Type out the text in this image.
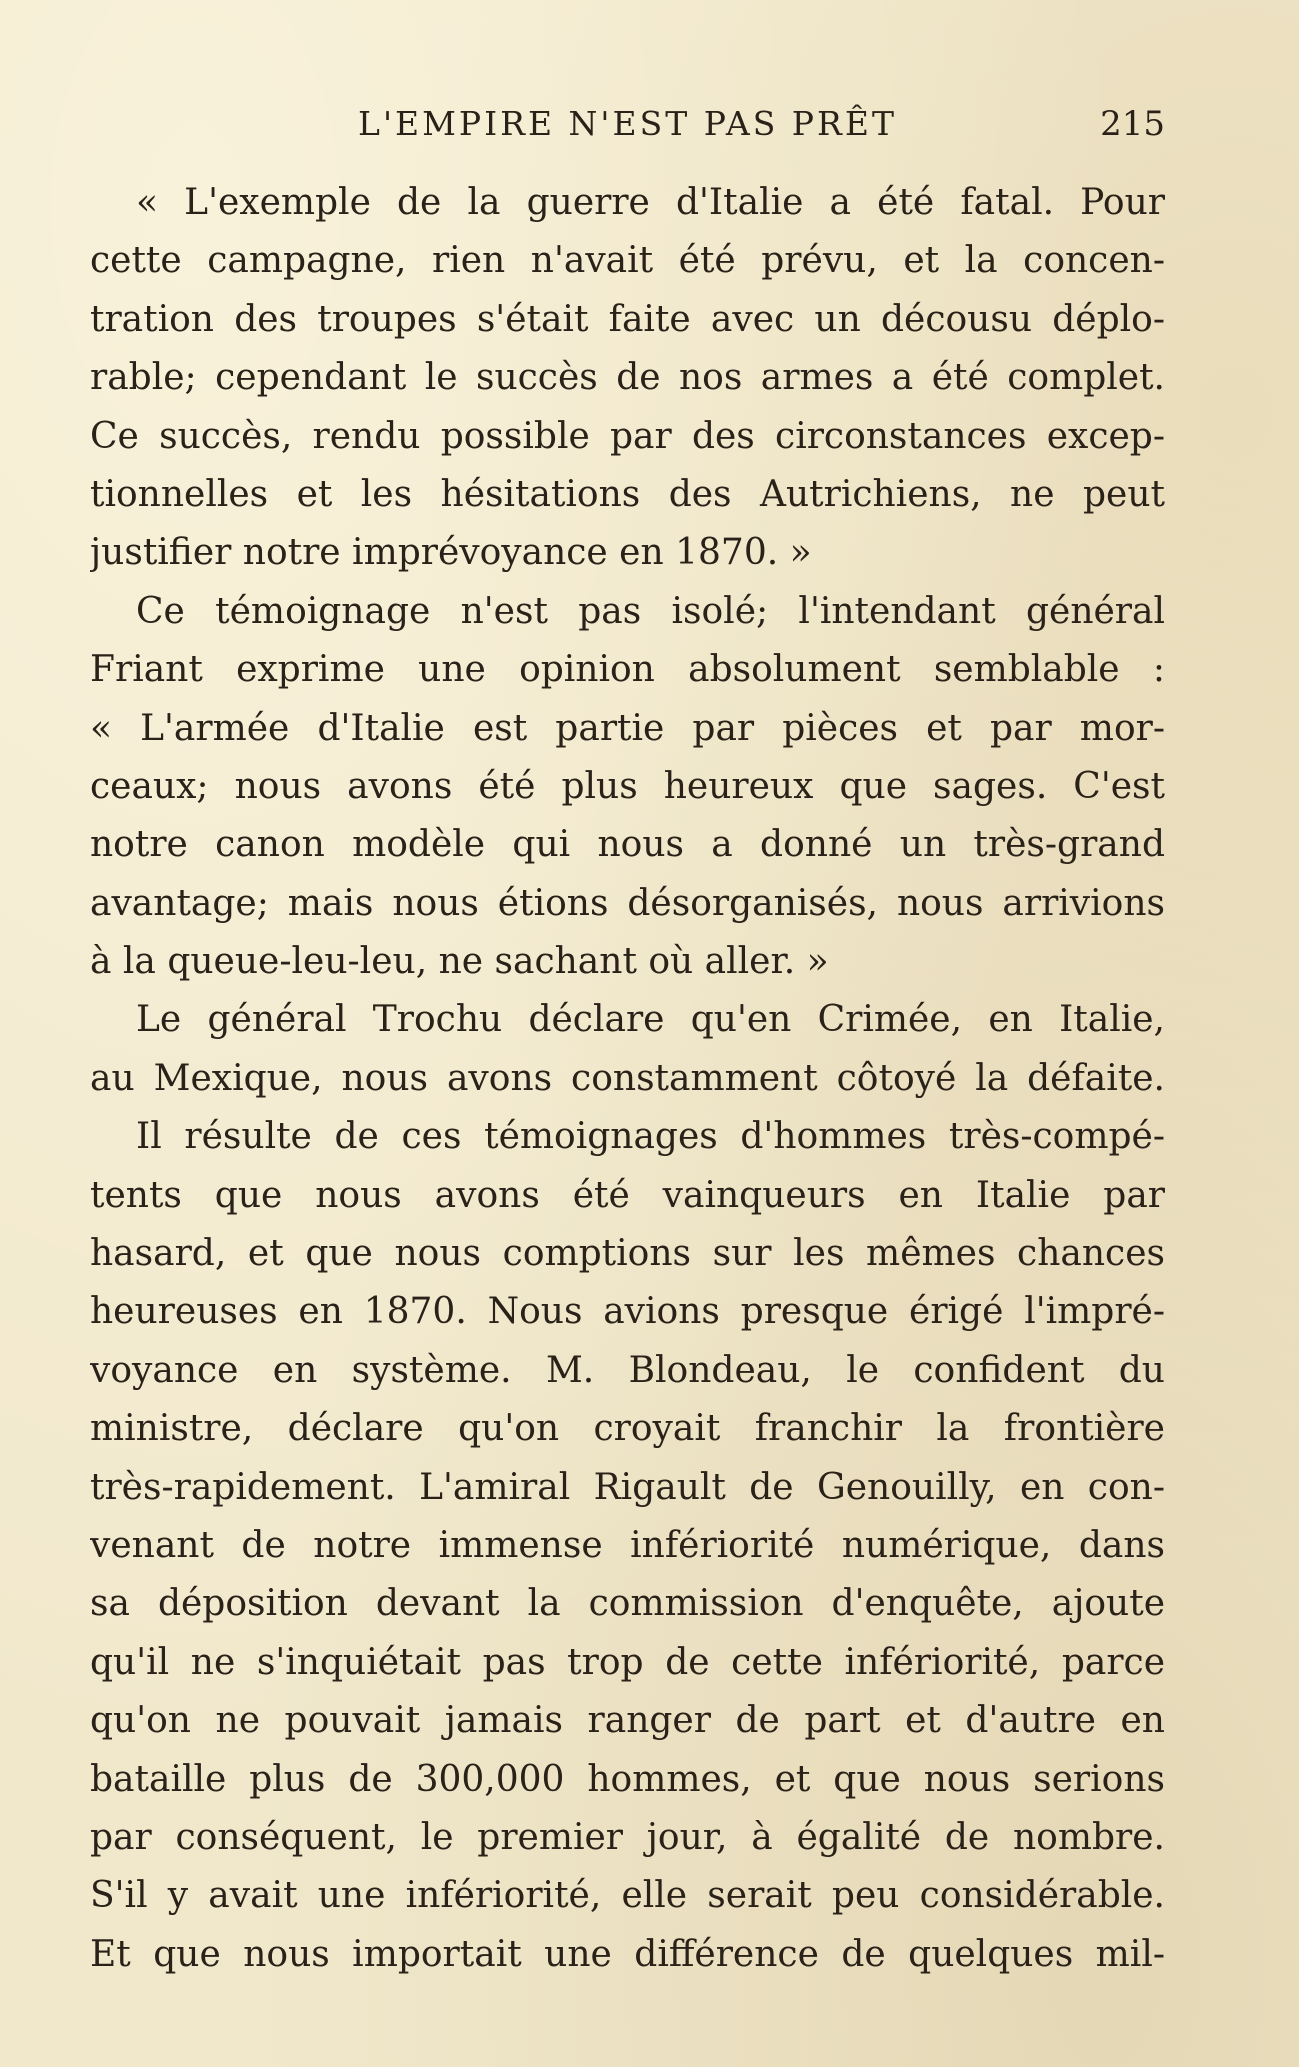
L'EMPIRE N'EST PAS PRÊT	215
« L'exemple de la guerre d'Italie a été fatal. Pour
cette campagne, rien n'avait été prévu, et la concen-
tration des troupes s'était faite avec un décousu déplo-
rable; cependant le succès de nos armes a été complet.
Ce succès, rendu possible par des circonstances excep-
tionnelles et les hésitations des Autrichiens, ne peut
justifier notre imprévoyance en 1870. »
Ce témoignage n'est pas isolé; l'intendant général
Friant exprime une opinion absolument semblable :
« L'armée d'Italie est partie par pièces et par mor-
ceaux; nous avons été plus heureux que sages. C'est
notre canon modèle qui nous a donné un très-grand
avantage; mais nous étions désorganisés, nous arrivions
à la queue-leu-leu, ne sachant où aller. »
Le général Trochu déclare qu'en Crimée, en Italie,
au Mexique, nous avons constamment côtoyé la défaite.
Il résulte de ces témoignages d'hommes très-compé-
tents que nous avons été vainqueurs en Italie par
hasard, et que nous comptions sur les mêmes chances
heureuses en 1870. Nous avions presque érigé l'impré-
voyance en système. M. Blondeau, le confident du
ministre, déclare qu'on croyait franchir la frontière
très-rapidement. L'amiral Rigault de Genouilly, en con-
venant de notre immense infériorité numérique, dans
sa déposition devant la commission d'enquête, ajoute
qu'il ne s'inquiétait pas trop de cette infériorité, parce
qu'on ne pouvait jamais ranger de part et d'autre en
bataille plus de 300,000 hommes, et que nous serions
par conséquent, le premier jour, à égalité de nombre.
S'il y avait une infériorité, elle serait peu considérable.
Et que nous importait une différence de quelques mil-
